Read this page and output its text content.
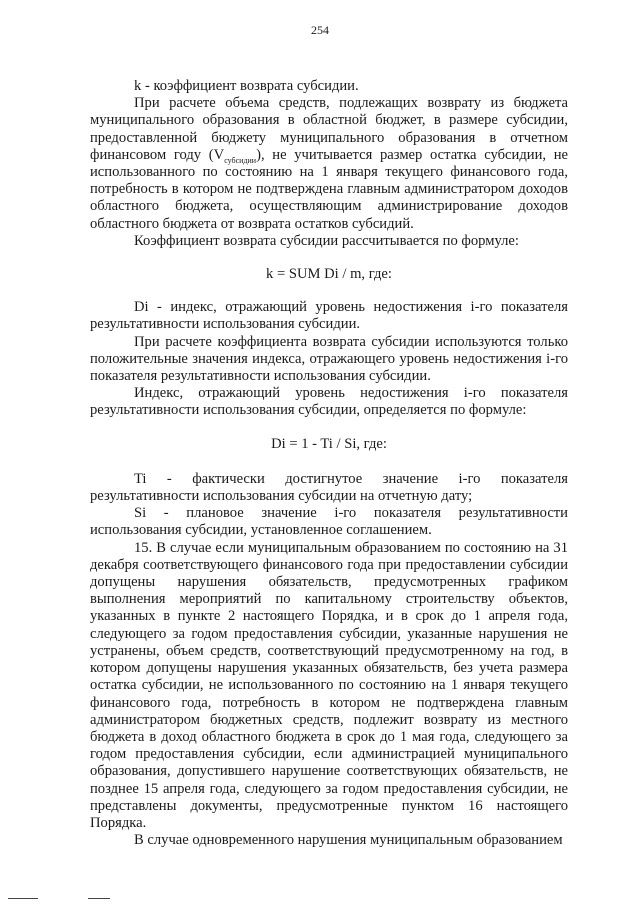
254

k - коэффициент возврата субсидии.

При расчете объема средств, подлежащих возврату из бюджета муниципального образования в областной бюджет, в размере субсидии, предоставленной бюджету муниципального образования в отчетном финансовом году $(V_{субсидии})$, не учитывается размер остатка субсидии, не использованного по состоянию на 1 января текущего финансового года, потребность в котором не подтверждена главным администратором доходов областного бюджета, осуществляющим администрирование доходов областного бюджета от возврата остатков субсидий.

Коэффициент возврата субсидии рассчитывается по формуле:

k = SUM Di / m, где:

Di - индекс, отражающий уровень недостижения i-го показателя результативности использования субсидии.

При расчете коэффициента возврата субсидии используются только положительные значения индекса, отражающего уровень недостижения i-го показателя результативности использования субсидии.

Индекс, отражающий уровень недостижения i-го показателя результативности использования субсидии, определяется по формуле:

Di = 1 - Ti / Si, где:

Ti - фактически достигнутое значение i-го показателя результативности использования субсидии на отчетную дату;

Si - плановое значение i-го показателя результативности использования субсидии, установленное соглашением.

15. В случае если муниципальным образованием по состоянию на 31 декабря соответствующего финансового года при предоставлении субсидии допущены нарушения обязательств, предусмотренных графиком выполнения мероприятий по капитальному строительству объектов, указанных в пункте 2 настоящего Порядка, и в срок до 1 апреля года, следующего за годом предоставления субсидии, указанные нарушения не устранены, объем средств, соответствующий предусмотренному на год, в котором допущены нарушения указанных обязательств, без учета размера остатка субсидии, не использованного по состоянию на 1 января текущего финансового года, потребность в котором не подтверждена главным администратором бюджетных средств, подлежит возврату из местного бюджета в доход областного бюджета в срок до 1 мая года, следующего за годом предоставления субсидии, если администрацией муниципального образования, допустившего нарушение соответствующих обязательств, не позднее 15 апреля года, следующего за годом предоставления субсидии, не представлены документы, предусмотренные пунктом 16 настоящего Порядка.

В случае одновременного нарушения муниципальным образованием
